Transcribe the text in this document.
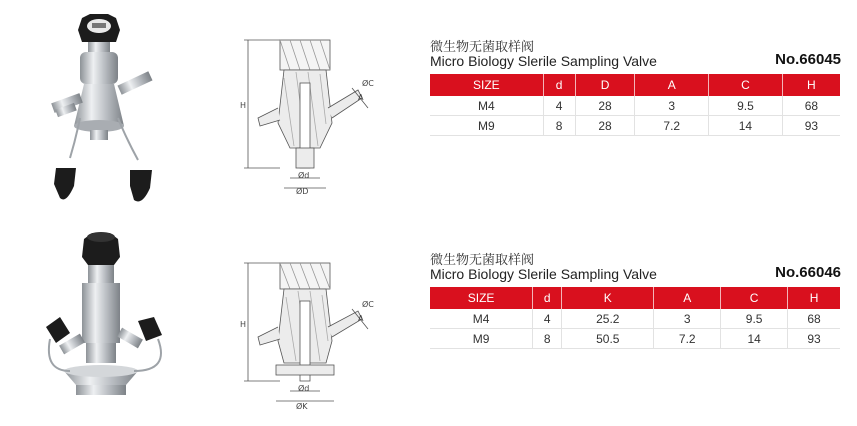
H
Ød
ØD
A
ØC
微生物无菌取样阀
Micro Biology Slerile Sampling Valve	No.66045
SIZE	d	D	A	C	H
M4	4	28	3	9.5	68
M9	8	28	7.2	14	93
H
Ød
ØK
A
ØC
微生物无菌取样阀
Micro Biology Slerile Sampling Valve	No.66046
SIZE	d	K	A	C	H
M4	4	25.2	3	9.5	68
M9	8	50.5	7.2	14	93
